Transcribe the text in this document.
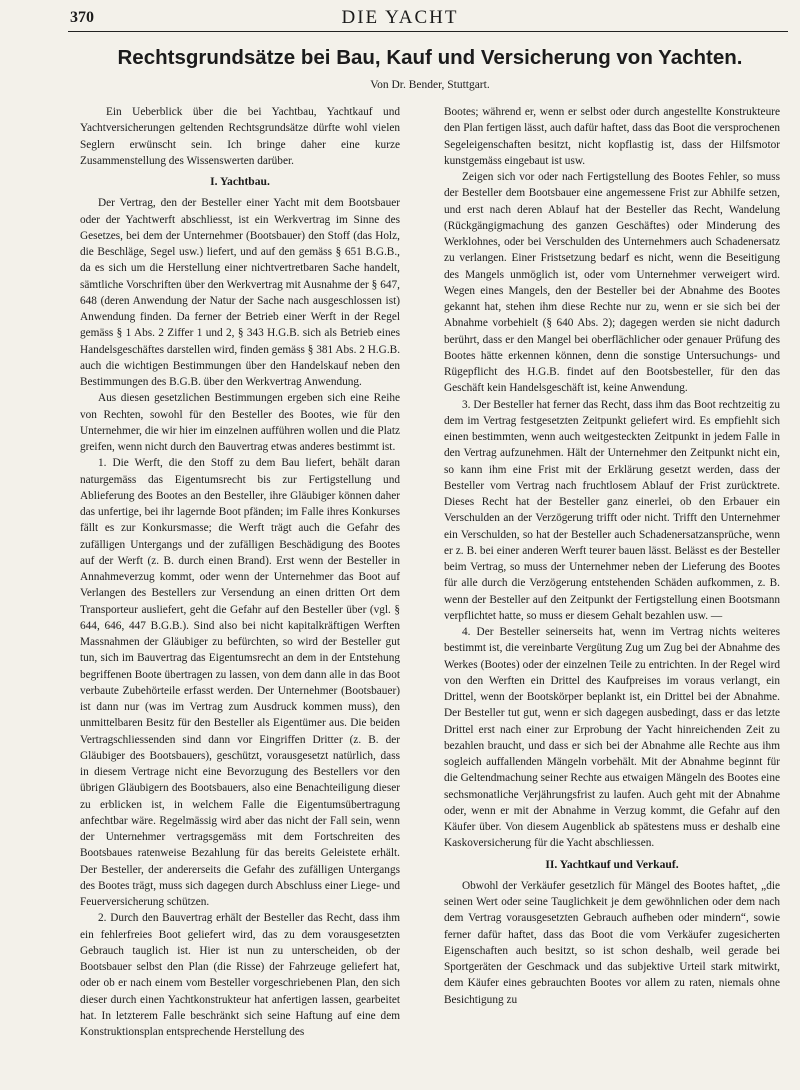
370	DIE YACHT
Rechtsgrundsätze bei Bau, Kauf und Versicherung von Yachten.
Von Dr. Bender, Stuttgart.

Ein Ueberblick über die bei Yachtbau, Yachtkauf und Yachtversicherungen geltenden Rechtsgrundsätze dürfte wohl vielen Seglern erwünscht sein. Ich bringe daher eine kurze Zusammenstellung des Wissenswerten darüber.

I. Yachtbau.

Der Vertrag, den der Besteller einer Yacht mit dem Bootsbauer oder der Yachtwerft abschliesst, ist ein Werkvertrag im Sinne des Gesetzes, bei dem der Unternehmer (Bootsbauer) den Stoff (das Holz, die Beschläge, Segel usw.) liefert, und auf den gemäss § 651 B.G.B., da es sich um die Herstellung einer nichtvertretbaren Sache handelt, sämtliche Vorschriften über den Werkvertrag mit Ausnahme der § 647, 648 (deren Anwendung der Natur der Sache nach ausgeschlossen ist) Anwendung finden. Da ferner der Betrieb einer Werft in der Regel gemäss § 1 Abs. 2 Ziffer 1 und 2, § 343 H.G.B. sich als Betrieb eines Handelsgeschäftes darstellen wird, finden gemäss § 381 Abs. 2 H.G.B. auch die wichtigen Bestimmungen über den Handelskauf neben den Bestimmungen des B.G.B. über den Werkvertrag Anwendung.

Aus diesen gesetzlichen Bestimmungen ergeben sich eine Reihe von Rechten, sowohl für den Besteller des Bootes, wie für den Unternehmer, die wir hier im einzelnen aufführen wollen und die Platz greifen, wenn nicht durch den Bauvertrag etwas anderes bestimmt ist.

1. Die Werft, die den Stoff zu dem Bau liefert, behält daran naturgemäss das Eigentumsrecht bis zur Fertigstellung und Ablieferung des Bootes an den Besteller, ihre Gläubiger können daher das unfertige, bei ihr lagernde Boot pfänden; im Falle ihres Konkurses fällt es zur Konkursmasse; die Werft trägt auch die Gefahr des zufälligen Untergangs und der zufälligen Beschädigung des Bootes auf der Werft (z. B. durch einen Brand). Erst wenn der Besteller in Annahmeverzug kommt, oder wenn der Unternehmer das Boot auf Verlangen des Bestellers zur Versendung an einen dritten Ort dem Transporteur ausliefert, geht die Gefahr auf den Besteller über (vgl. § 644, 646, 447 B.G.B.). Sind also bei nicht kapitalkräftigen Werften Massnahmen der Gläubiger zu befürchten, so wird der Besteller gut tun, sich im Bauvertrag das Eigentumsrecht an dem in der Entstehung begriffenen Boote übertragen zu lassen, von dem dann alle in das Boot verbaute Zubehörteile erfasst werden. Der Unternehmer (Bootsbauer) ist dann nur (was im Vertrag zum Ausdruck kommen muss), den unmittelbaren Besitz für den Besteller als Eigentümer aus. Die beiden Vertragschliessenden sind dann vor Eingriffen Dritter (z. B. der Gläubiger des Bootsbauers), geschützt, vorausgesetzt natürlich, dass in diesem Vertrage nicht eine Bevorzugung des Bestellers vor den übrigen Gläubigern des Bootsbauers, also eine Benachteiligung dieser zu erblicken ist, in welchem Falle die Eigentumsübertragung anfechtbar wäre. Regelmässig wird aber das nicht der Fall sein, wenn der Unternehmer vertragsgemäss mit dem Fortschreiten des Bootsbaues ratenweise Bezahlung für das bereits Geleistete erhält. Der Besteller, der andererseits die Gefahr des zufälligen Untergangs des Bootes trägt, muss sich dagegen durch Abschluss einer Liege- und Feuerversicherung schützen.

2. Durch den Bauvertrag erhält der Besteller das Recht, dass ihm ein fehlerfreies Boot geliefert wird, das zu dem vorausgesetzten Gebrauch tauglich ist. Hier ist nun zu unterscheiden, ob der Bootsbauer selbst den Plan (die Risse) der Fahrzeuge geliefert hat, oder ob er nach einem vom Besteller vorgeschriebenen Plan, den sich dieser durch einen Yachtkonstrukteur hat anfertigen lassen, gearbeitet hat. In letzterem Falle beschränkt sich seine Haftung auf eine dem Konstruktionsplan entsprechende Herstellung des

Bootes; während er, wenn er selbst oder durch angestellte Konstrukteure den Plan fertigen lässt, auch dafür haftet, dass das Boot die versprochenen Segeleigenschaften besitzt, nicht kopflastig ist, dass der Hilfsmotor kunstgemäss eingebaut ist usw.

Zeigen sich vor oder nach Fertigstellung des Bootes Fehler, so muss der Besteller dem Bootsbauer eine angemessene Frist zur Abhilfe setzen, und erst nach deren Ablauf hat der Besteller das Recht, Wandelung (Rückgängigmachung des ganzen Geschäftes) oder Minderung des Werklohnes, oder bei Verschulden des Unternehmers auch Schadenersatz zu verlangen. Einer Fristsetzung bedarf es nicht, wenn die Beseitigung des Mangels unmöglich ist, oder vom Unternehmer verweigert wird. Wegen eines Mangels, den der Besteller bei der Abnahme des Bootes gekannt hat, stehen ihm diese Rechte nur zu, wenn er sie sich bei der Abnahme vorbehielt (§ 640 Abs. 2); dagegen werden sie nicht dadurch berührt, dass er den Mangel bei oberflächlicher oder genauer Prüfung des Bootes hätte erkennen können, denn die sonstige Untersuchungs- und Rügepflicht des H.G.B. findet auf den Bootsbesteller, für den das Geschäft kein Handelsgeschäft ist, keine Anwendung.

3. Der Besteller hat ferner das Recht, dass ihm das Boot rechtzeitig zu dem im Vertrag festgesetzten Zeitpunkt geliefert wird. Es empfiehlt sich einen bestimmten, wenn auch weitgesteckten Zeitpunkt in jedem Falle in den Vertrag aufzunehmen. Hält der Unternehmer den Zeitpunkt nicht ein, so kann ihm eine Frist mit der Erklärung gesetzt werden, dass der Besteller vom Vertrag nach fruchtlosem Ablauf der Frist zurücktrete. Dieses Recht hat der Besteller ganz einerlei, ob den Erbauer ein Verschulden an der Verzögerung trifft oder nicht. Trifft den Unternehmer ein Verschulden, so hat der Besteller auch Schadenersatzansprüche, wenn er z. B. bei einer anderen Werft teurer bauen lässt. Belässt es der Besteller beim Vertrag, so muss der Unternehmer neben der Lieferung des Bootes für alle durch die Verzögerung entstehenden Schäden aufkommen, z. B. wenn der Besteller auf den Zeitpunkt der Fertigstellung einen Bootsmann verpflichtet hatte, so muss er diesem Gehalt bezahlen usw. —

4. Der Besteller seinerseits hat, wenn im Vertrag nichts weiteres bestimmt ist, die vereinbarte Vergütung Zug um Zug bei der Abnahme des Werkes (Bootes) oder der einzelnen Teile zu entrichten. In der Regel wird von den Werften ein Drittel des Kaufpreises im voraus verlangt, ein Drittel, wenn der Bootskörper beplankt ist, ein Drittel bei der Abnahme. Der Besteller tut gut, wenn er sich dagegen ausbedingt, dass er das letzte Drittel erst nach einer zur Erprobung der Yacht hinreichenden Zeit zu bezahlen braucht, und dass er sich bei der Abnahme alle Rechte aus ihm sogleich auffallenden Mängeln vorbehält. Mit der Abnahme beginnt für die Geltendmachung seiner Rechte aus etwaigen Mängeln des Bootes eine sechsmonatliche Verjährungsfrist zu laufen. Auch geht mit der Abnahme oder, wenn er mit der Abnahme in Verzug kommt, die Gefahr auf den Käufer über. Von diesem Augenblick ab spätestens muss er deshalb eine Kaskoversicherung für die Yacht abschliessen.

II. Yachtkauf und Verkauf.

Obwohl der Verkäufer gesetzlich für Mängel des Bootes haftet, „die seinen Wert oder seine Tauglichkeit je dem gewöhnlichen oder dem nach dem Vertrag vorausgesetzten Gebrauch aufheben oder mindern“, sowie ferner dafür haftet, dass das Boot die vom Verkäufer zugesicherten Eigenschaften auch besitzt, so ist schon deshalb, weil gerade bei Sportgeräten der Geschmack und das subjektive Urteil stark mitwirkt, dem Käufer eines gebrauchten Bootes vor allem zu raten, niemals ohne Besichtigung zu
